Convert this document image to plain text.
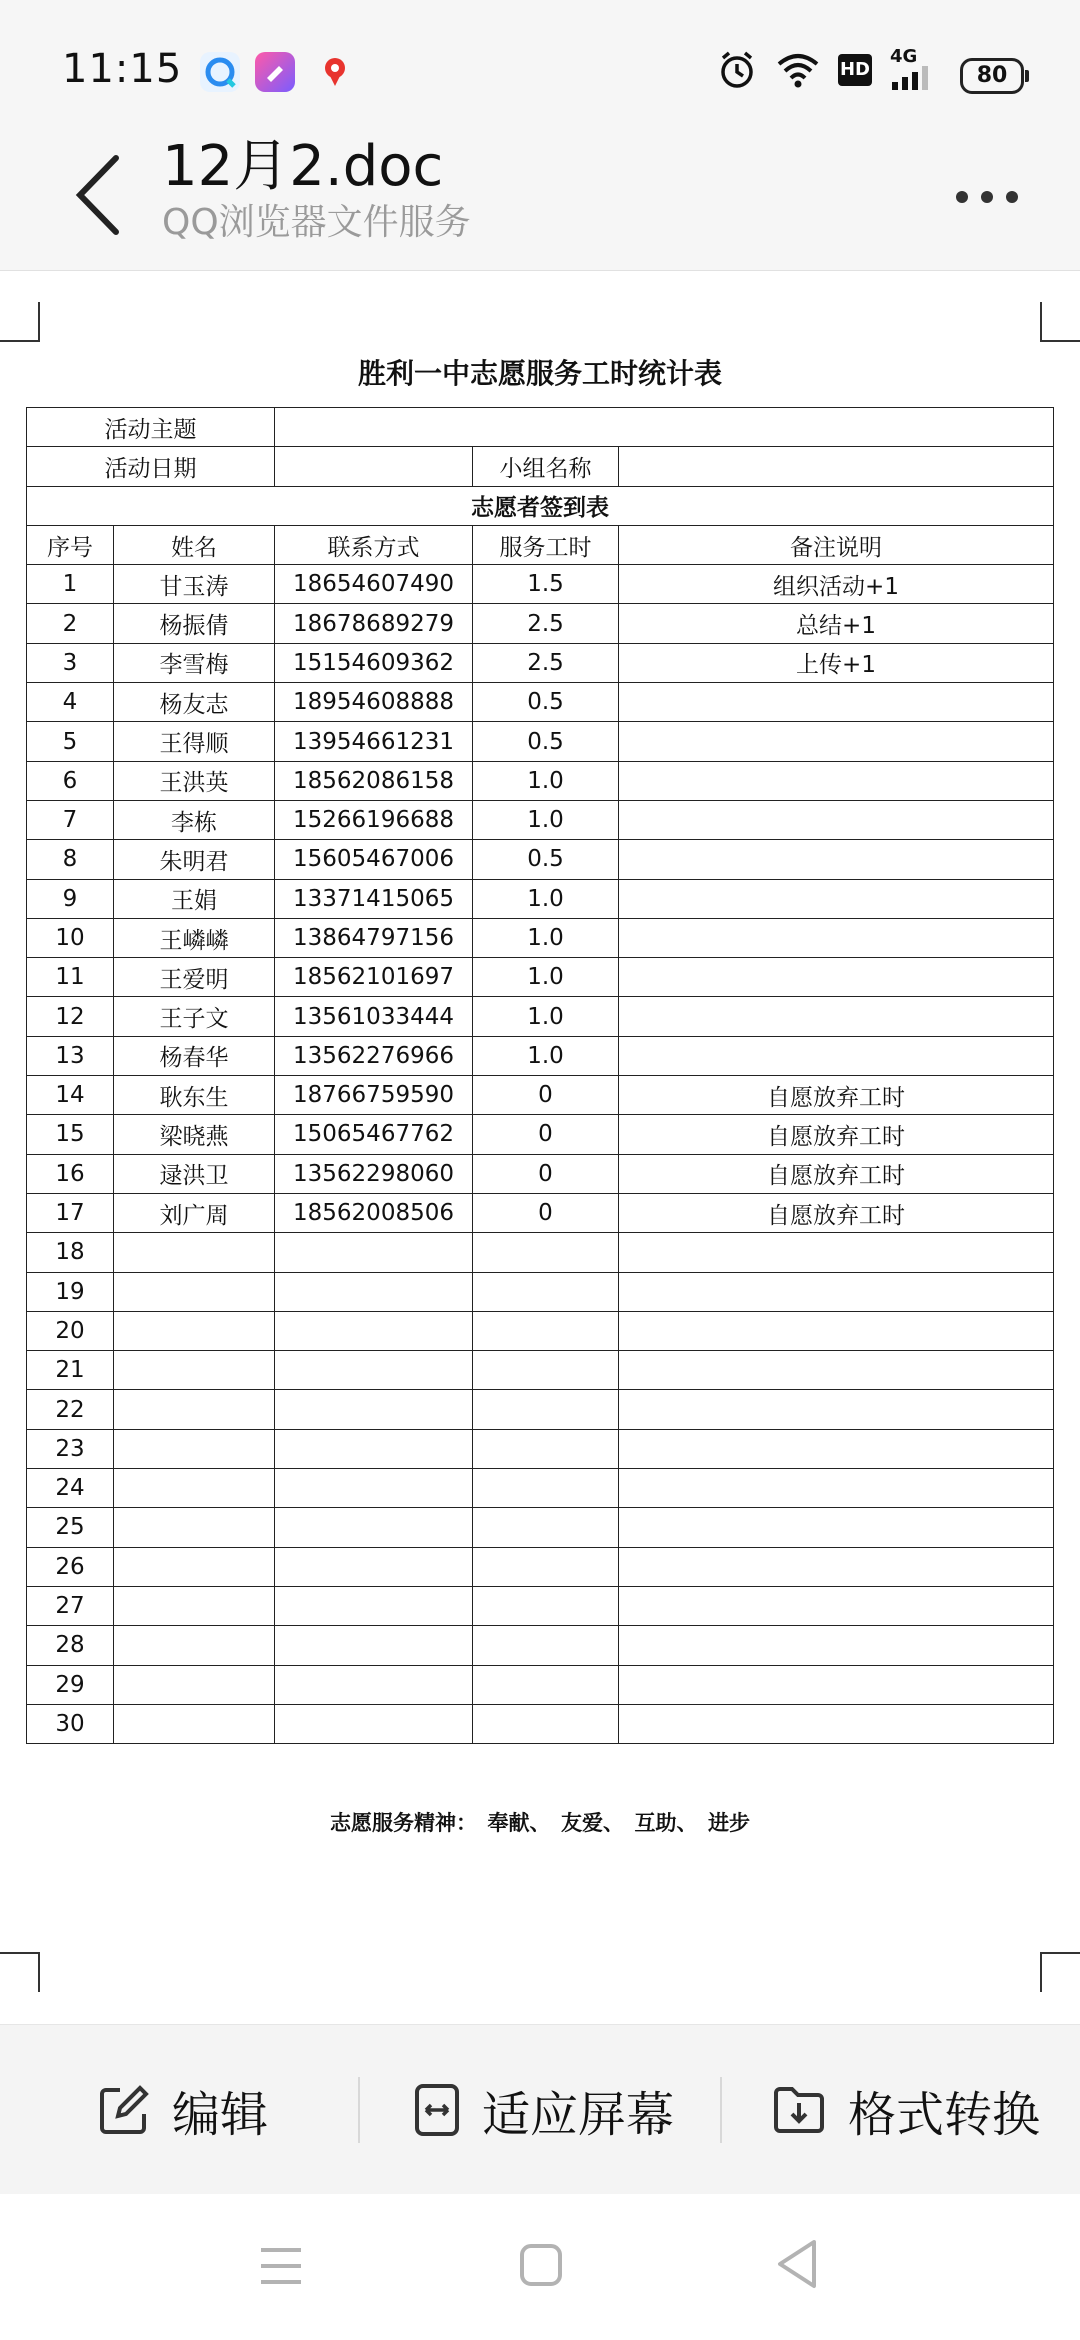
11:15	HD
4G
80
12月2.doc
QQ浏览器文件服务
胜利一中志愿服务工时统计表
活动主题				
活动日期			小组名称	
志愿者签到表				
序号	姓名	联系方式	服务工时	备注说明
1	甘玉涛	18654607490	1.5	组织活动+1
2	杨振倩	18678689279	2.5	总结+1
3	李雪梅	15154609362	2.5	上传+1
4	杨友志	18954608888	0.5	
5	王得顺	13954661231	0.5	
6	王洪英	18562086158	1.0	
7	李栋	15266196688	1.0	
8	朱明君	15605467006	0.5	
9	王娟	13371415065	1.0	
10	王嶙嶙	13864797156	1.0	
11	王爱明	18562101697	1.0	
12	王子文	13561033444	1.0	
13	杨春华	13562276966	1.0	
14	耿东生	18766759590	0	自愿放弃工时
15	梁晓燕	15065467762	0	自愿放弃工时
16	逯洪卫	13562298060	0	自愿放弃工时
17	刘广周	18562008506	0	自愿放弃工时
18				
19				
20				
21				
22				
23				
24				
25				
26				
27				
28				
29				
30				
志愿服务精神：　奉献、　友爱、　互助、　进步
编辑	适应屏幕	格式转换
